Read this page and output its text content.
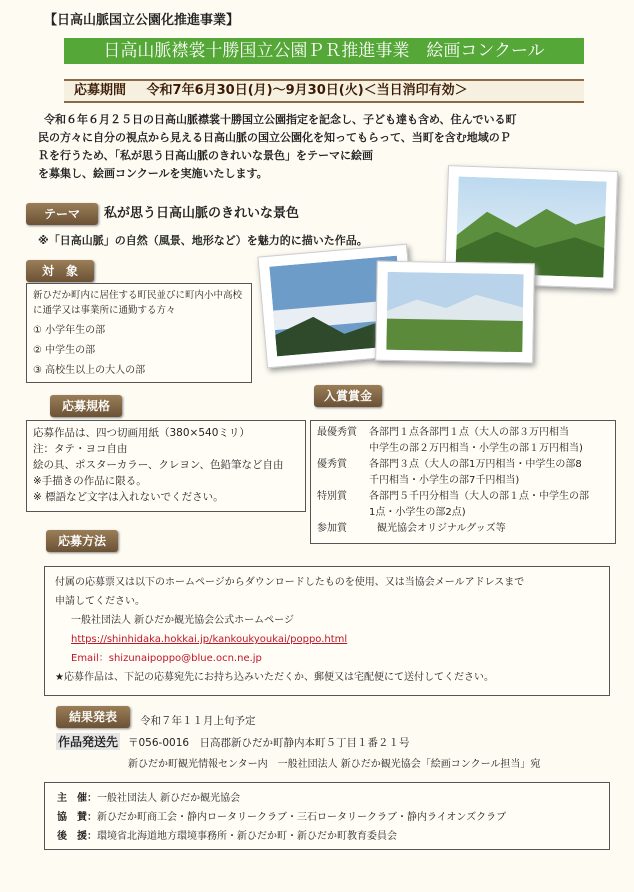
【日高山脈国立公園化推進事業】
日高山脈襟裳十勝国立公園ＰＲ推進事業　絵画コンクール
応募期間 令和7年6月30日(月)～9月30日(火)＜当日消印有効＞
令和６年６月２５日の日高山脈襟裳十勝国立公園指定を記念し、子ども達も含め、住んでいる町
民の方々に自分の視点から見える日高山脈の国立公園化を知ってもらって、当町を含む地域のＰ
Ｒを行うため、「私が思う日高山脈のきれいな景色」をテーマに絵画
を募集し、絵画コンクールを実施いたします。
テーマ	私が思う日高山脈のきれいな景色
※「日高山脈」の自然（風景、地形など）を魅力的に描いた作品。
対　象
新ひだか町内に居住する町民並びに町内小中高校
に通学又は事業所に通勤する方々
① 小学年生の部
② 中学生の部
③ 高校生以上の大人の部
応募規格
応募作品は、四つ切画用紙（380×540ミリ）
注：タテ・ヨコ自由
絵の具、ポスターカラー、クレヨン、色鉛筆など自由
※手描きの作品に限る。
※ 標語など文字は入れないでください。
入賞賞金
最優秀賞	各部門１点各部門１点（大人の部３万円相当
中学生の部２万円相当・小学生の部１万円相当)
優秀賞	各部門３点（大人の部1万円相当・中学生の部8
千円相当・小学生の部7千円相当)
特別賞	各部門５千円分相当（大人の部１点・中学生の部
1点・小学生の部2点)
参加賞	観光協会オリジナルグッズ等
応募方法
付属の応募票又は以下のホームページからダウンロードしたものを使用、又は当協会メールアドレスまで
申請してください。
一般社団法人 新ひだか観光協会公式ホームページ
https://shinhidaka.hokkai.jp/kankoukyoukai/poppo.html
Email：shizunaipoppo@blue.ocn.ne.jp
★応募作品は、下記の応募宛先にお持ち込みいただくか、郵便又は宅配便にて送付してください。
結果発表	令和７年１１月上旬予定
作品発送先 〒056-0016　日高郡新ひだか町静内本町５丁目１番２１号
新ひだか町観光情報センター内　一般社団法人 新ひだか観光協会「絵画コンクール担当」宛
主　催：一般社団法人 新ひだか観光協会
協　賛：新ひだか町商工会・静内ロータリークラブ・三石ロータリークラブ・静内ライオンズクラブ
後　援：環境省北海道地方環境事務所・新ひだか町・新ひだか町教育委員会
